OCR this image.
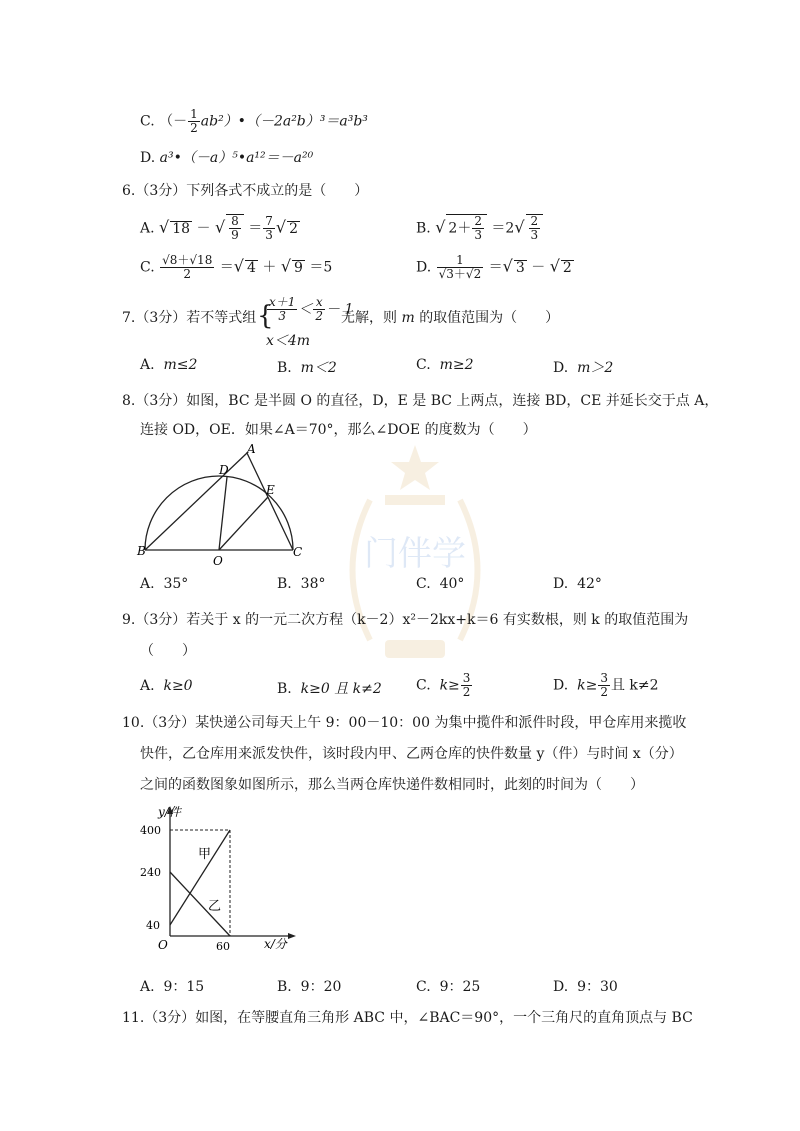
门伴学
C. （－ $\frac{1}{2}$ ab²）•（－2a²b）³＝a³b³
D. a³•（－a）⁵•a¹²＝－a²⁰
6.（3分）下列各式不成立的是（　　）
A. √ 18 － √ $\frac{8}{9} = \frac{7}{3}$ √ 2	B. √ $2+ \frac{2}{3} =2√ \frac{2}{3}$
C. $\frac{√8+√18}{2}$ ＝√ 4 ＋ √ 9 ＝5	D. $\frac{1}{√3+√2}$ ＝√ 3 － √ 2
7.（3分）若不等式组 {
$\frac{x+1}{3} < \frac{x}{2} - 1$
x＜4m
无解，则 m 的取值范围为（　　）
A. m≤2	B. m＜2	C. m≥2	D. m＞2
8.（3分）如图，BC 是半圆 O 的直径，D，E 是 BC 上两点，连接 BD，CE 并延长交于点 A，
连接 OD，OE．如果∠A＝70°，那么∠DOE 的度数为（　　）
A
B	C
D
E
O
A. 35°	B. 38°	C. 40°	D. 42°
9.（3分）若关于 x 的一元二次方程（k－2）x²－2kx+k＝6 有实数根，则 k 的取值范围为
（　　）
A. k≥0	B. k≥0 且 k≠2 C. $k\ge \frac{3}{2}$	D. $k\ge \frac{3}{2}$ 且 k≠2
10.（3分）某快递公司每天上午 9：00－10：00 为集中揽件和派件时段，甲仓库用来揽收
快件，乙仓库用来派发快件，该时段内甲、乙两仓库的快件数量 y（件）与时间 x（分）
之间的函数图象如图所示，那么当两仓库快递件数相同时，此刻的时间为（　　）
y/件
x/分
400
240
40
60
O
甲
乙
A. 9：15	B. 9：20	C. 9：25	D. 9：30
11.（3分）如图，在等腰直角三角形 ABC 中，∠BAC＝90°，一个三角尺的直角顶点与 BC
